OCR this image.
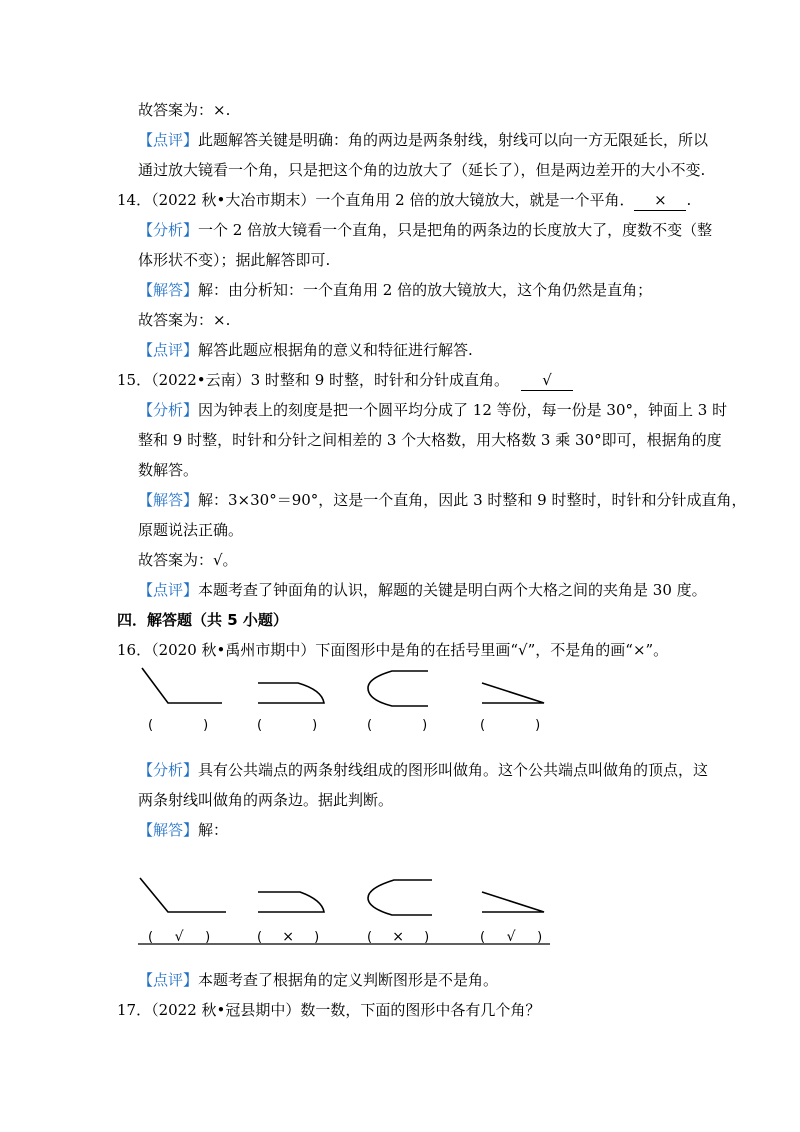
故答案为：×.
【点评】此题解答关键是明确：角的两边是两条射线，射线可以向一方无限延长，所以
通过放大镜看一个角，只是把这个角的边放大了（延长了），但是两边差开的大小不变.
14．（2022 秋•大冶市期末）一个直角用 2 倍的放大镜放大，就是一个平角． × .
【分析】一个 2 倍放大镜看一个直角，只是把角的两条边的长度放大了，度数不变（整
体形状不变）；据此解答即可.
【解答】解：由分析知：一个直角用 2 倍的放大镜放大，这个角仍然是直角；
故答案为：×.
【点评】解答此题应根据角的意义和特征进行解答.
15．（2022•云南）3 时整和 9 时整，时针和分针成直角。 √
【分析】因为钟表上的刻度是把一个圆平均分成了 12 等份，每一份是 30°，钟面上 3 时
整和 9 时整，时针和分针之间相差的 3 个大格数，用大格数 3 乘 30°即可，根据角的度
数解答。
【解答】解：3×30°＝90°，这是一个直角，因此 3 时整和 9 时整时，时针和分针成直角，
原题说法正确。
故答案为：√。
【点评】本题考查了钟面角的认识，解题的关键是明白两个大格之间的夹角是 30 度。
四．解答题（共 5 小题）
16．（2020 秋•禹州市期中）下面图形中是角的在括号里画“√”，不是角的画“×”。
(	)	(	)	(	)	(	)
【分析】具有公共端点的两条射线组成的图形叫做角。这个公共端点叫做角的顶点，这
两条射线叫做角的两条边。据此判断。
【解答】解：
( √ )	( × )	( × )	( √ )
【点评】本题考查了根据角的定义判断图形是不是角。
17．（2022 秋•冠县期中）数一数，下面的图形中各有几个角？
